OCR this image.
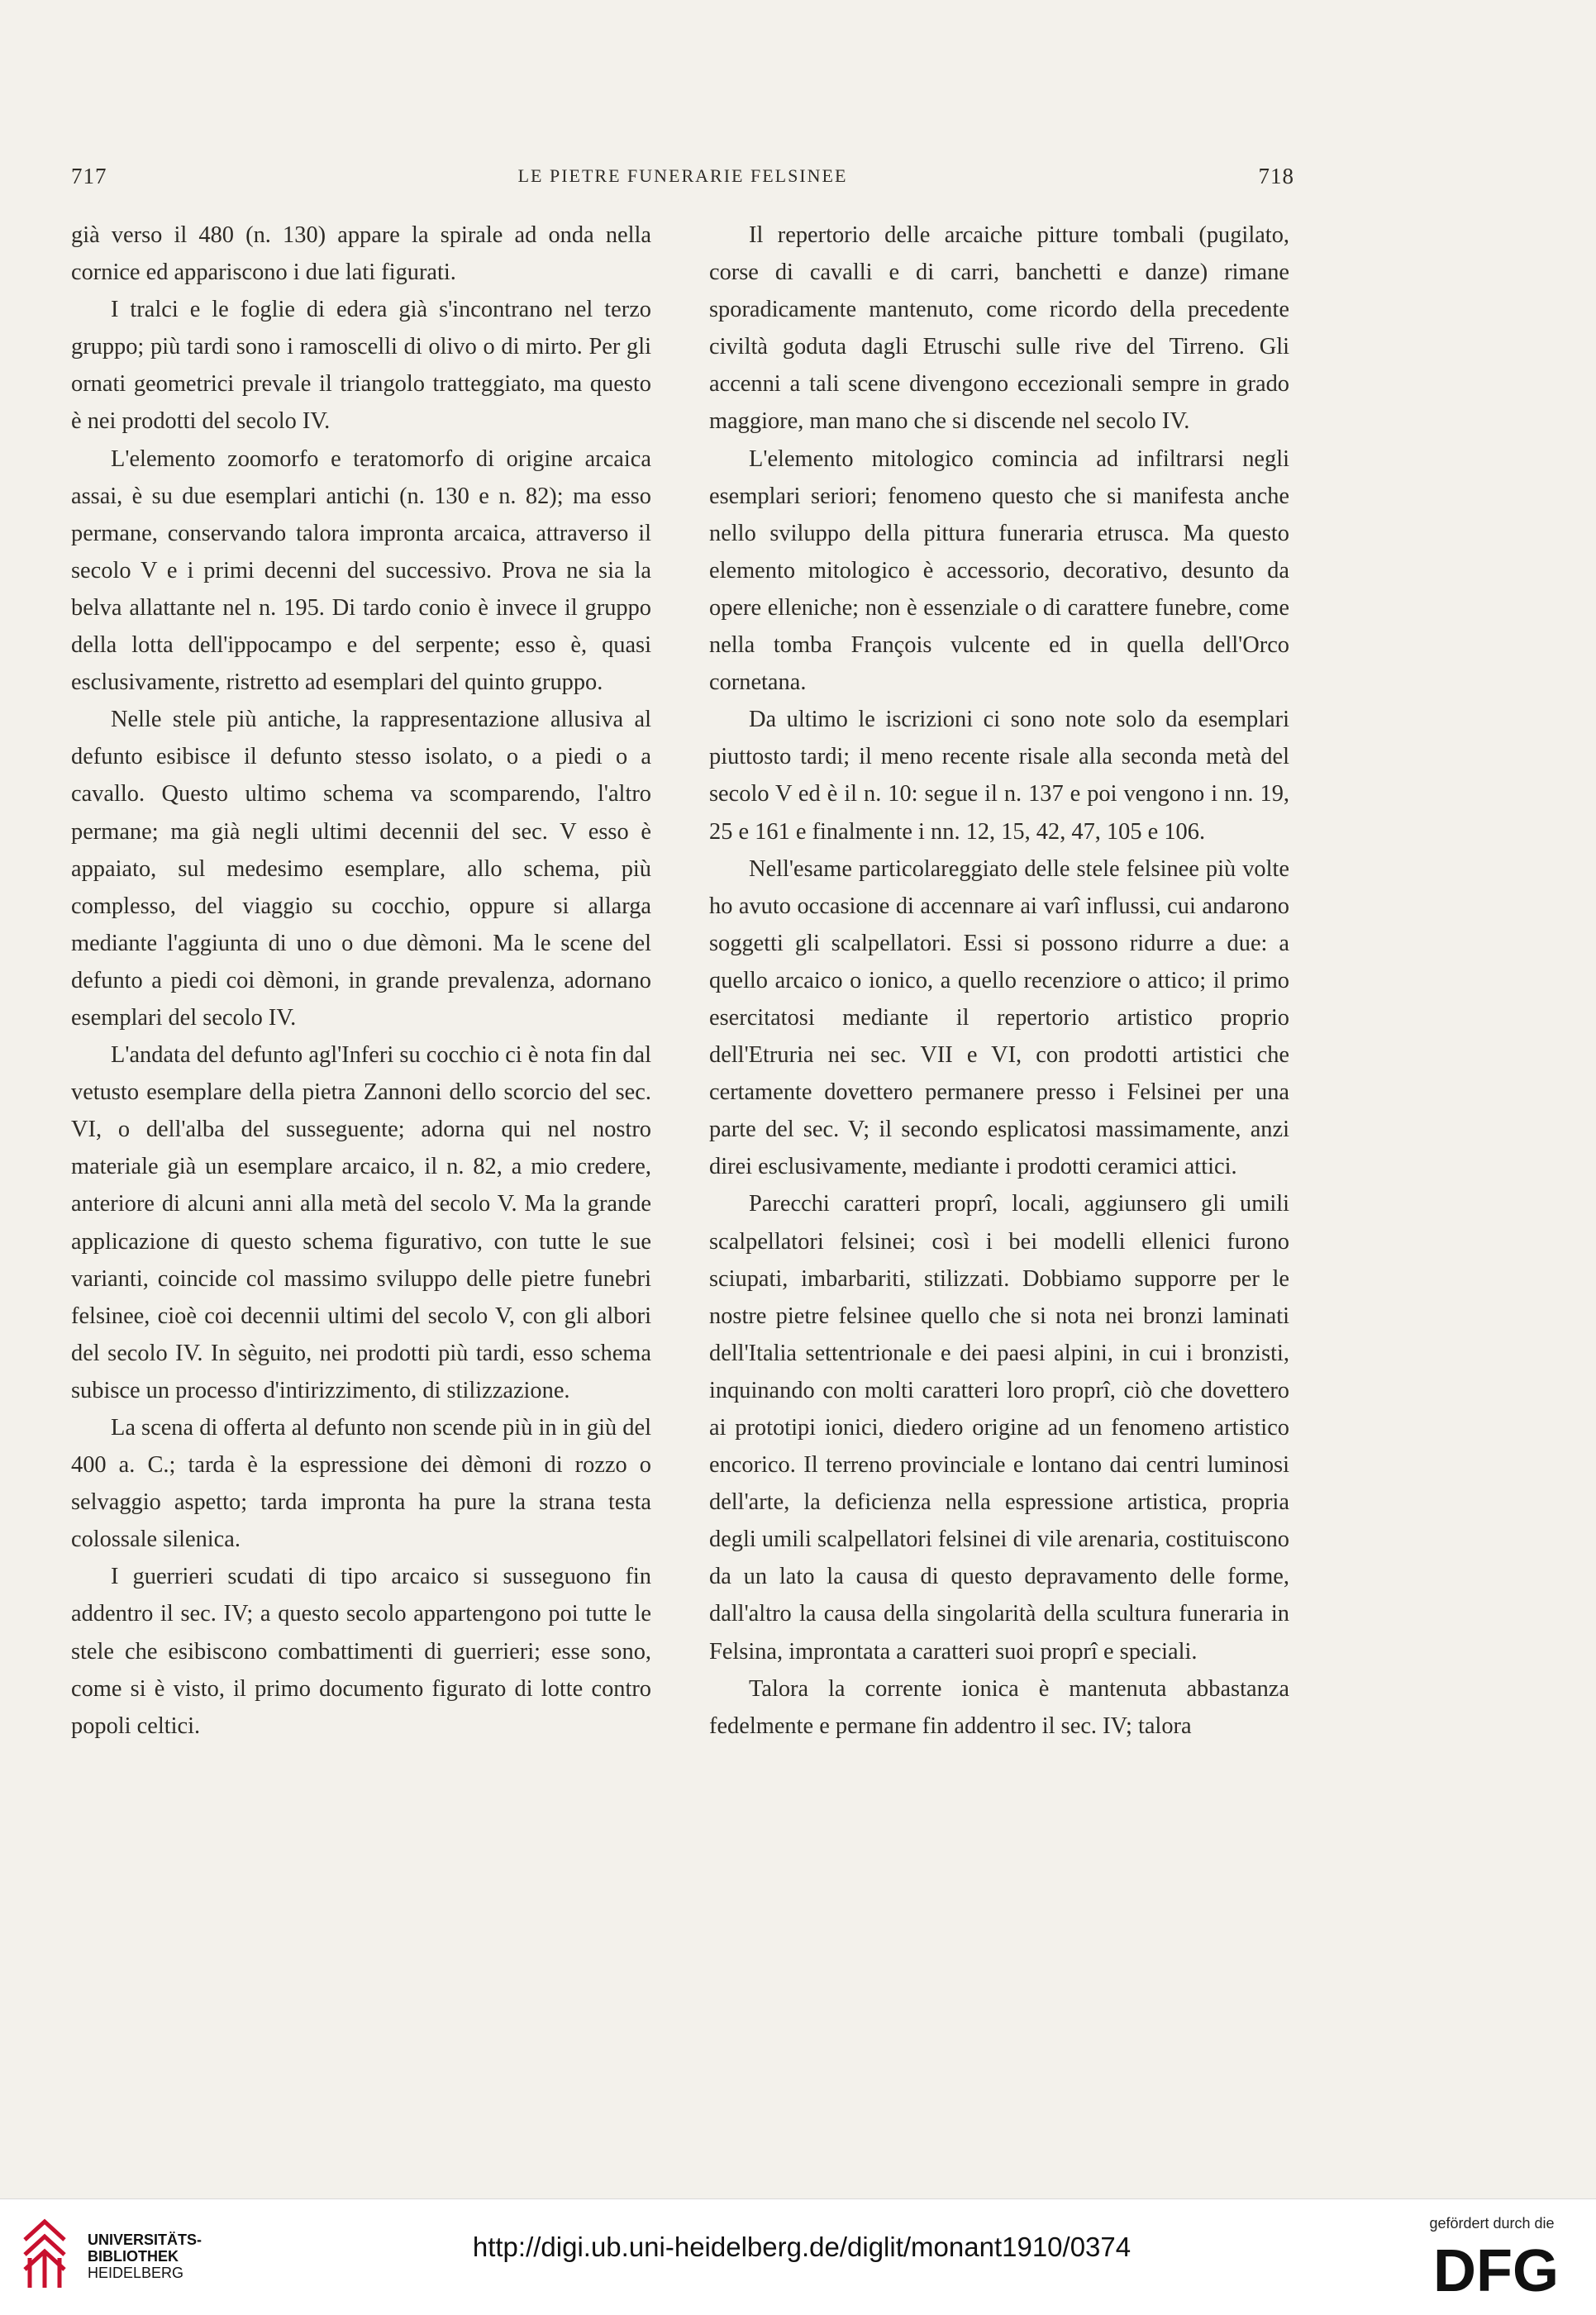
717	LE PIETRE FUNERARIE FELSINEE	718

già verso il 480 (n. 130) appare la spirale ad onda nella cornice ed appariscono i due lati figurati.

I tralci e le foglie di edera già s'incontrano nel terzo gruppo; più tardi sono i ramoscelli di olivo o di mirto. Per gli ornati geometrici prevale il triangolo tratteggiato, ma questo è nei prodotti del secolo IV.

L'elemento zoomorfo e teratomorfo di origine arcaica assai, è su due esemplari antichi (n. 130 e n. 82); ma esso permane, conservando talora impronta arcaica, attraverso il secolo V e i primi decenni del successivo. Prova ne sia la belva allattante nel n. 195. Di tardo conio è invece il gruppo della lotta dell'ippocampo e del serpente; esso è, quasi esclusivamente, ristretto ad esemplari del quinto gruppo.

Nelle stele più antiche, la rappresentazione allusiva al defunto esibisce il defunto stesso isolato, o a piedi o a cavallo. Questo ultimo schema va scomparendo, l'altro permane; ma già negli ultimi decennii del sec. V esso è appaiato, sul medesimo esemplare, allo schema, più complesso, del viaggio su cocchio, oppure si allarga mediante l'aggiunta di uno o due dèmoni. Ma le scene del defunto a piedi coi dèmoni, in grande prevalenza, adornano esemplari del secolo IV.

L'andata del defunto agl'Inferi su cocchio ci è nota fin dal vetusto esemplare della pietra Zannoni dello scorcio del sec. VI, o dell'alba del susseguente; adorna qui nel nostro materiale già un esemplare arcaico, il n. 82, a mio credere, anteriore di alcuni anni alla metà del secolo V. Ma la grande applicazione di questo schema figurativo, con tutte le sue varianti, coincide col massimo sviluppo delle pietre funebri felsinee, cioè coi decennii ultimi del secolo V, con gli albori del secolo IV. In sèguito, nei prodotti più tardi, esso schema subisce un processo d'intirizzimento, di stilizzazione.

La scena di offerta al defunto non scende più in in giù del 400 a. C.; tarda è la espressione dei dèmoni di rozzo o selvaggio aspetto; tarda impronta ha pure la strana testa colossale silenica.

I guerrieri scudati di tipo arcaico si susseguono fin addentro il sec. IV; a questo secolo appartengono poi tutte le stele che esibiscono combattimenti di guerrieri; esse sono, come si è visto, il primo documento figurato di lotte contro popoli celtici.

Il repertorio delle arcaiche pitture tombali (pugilato, corse di cavalli e di carri, banchetti e danze) rimane sporadicamente mantenuto, come ricordo della precedente civiltà goduta dagli Etruschi sulle rive del Tirreno. Gli accenni a tali scene divengono eccezionali sempre in grado maggiore, man mano che si discende nel secolo IV.

L'elemento mitologico comincia ad infiltrarsi negli esemplari seriori; fenomeno questo che si manifesta anche nello sviluppo della pittura funeraria etrusca. Ma questo elemento mitologico è accessorio, decorativo, desunto da opere elleniche; non è essenziale o di carattere funebre, come nella tomba François vulcente ed in quella dell'Orco cornetana.

Da ultimo le iscrizioni ci sono note solo da esemplari piuttosto tardi; il meno recente risale alla seconda metà del secolo V ed è il n. 10: segue il n. 137 e poi vengono i nn. 19, 25 e 161 e finalmente i nn. 12, 15, 42, 47, 105 e 106.

Nell'esame particolareggiato delle stele felsinee più volte ho avuto occasione di accennare ai varî influssi, cui andarono soggetti gli scalpellatori. Essi si possono ridurre a due: a quello arcaico o ionico, a quello recenziore o attico; il primo esercitatosi mediante il repertorio artistico proprio dell'Etruria nei sec. VII e VI, con prodotti artistici che certamente dovettero permanere presso i Felsinei per una parte del sec. V; il secondo esplicatosi massimamente, anzi direi esclusivamente, mediante i prodotti ceramici attici.

Parecchi caratteri proprî, locali, aggiunsero gli umili scalpellatori felsinei; così i bei modelli ellenici furono sciupati, imbarbariti, stilizzati. Dobbiamo supporre per le nostre pietre felsinee quello che si nota nei bronzi laminati dell'Italia settentrionale e dei paesi alpini, in cui i bronzisti, inquinando con molti caratteri loro proprî, ciò che dovettero ai prototipi ionici, diedero origine ad un fenomeno artistico encorico. Il terreno provinciale e lontano dai centri luminosi dell'arte, la deficienza nella espressione artistica, propria degli umili scalpellatori felsinei di vile arenaria, costituiscono da un lato la causa di questo depravamento delle forme, dall'altro la causa della singolarità della scultura funeraria in Felsina, improntata a caratteri suoi proprî e speciali.

Talora la corrente ionica è mantenuta abbastanza fedelmente e permane fin addentro il sec. IV; talora

UNIVERSITÄTS-
BIBLIOTHEK
HEIDELBERG
http://digi.ub.uni-heidelberg.de/diglit/monant1910/0374
gefördert durch die
DFG
